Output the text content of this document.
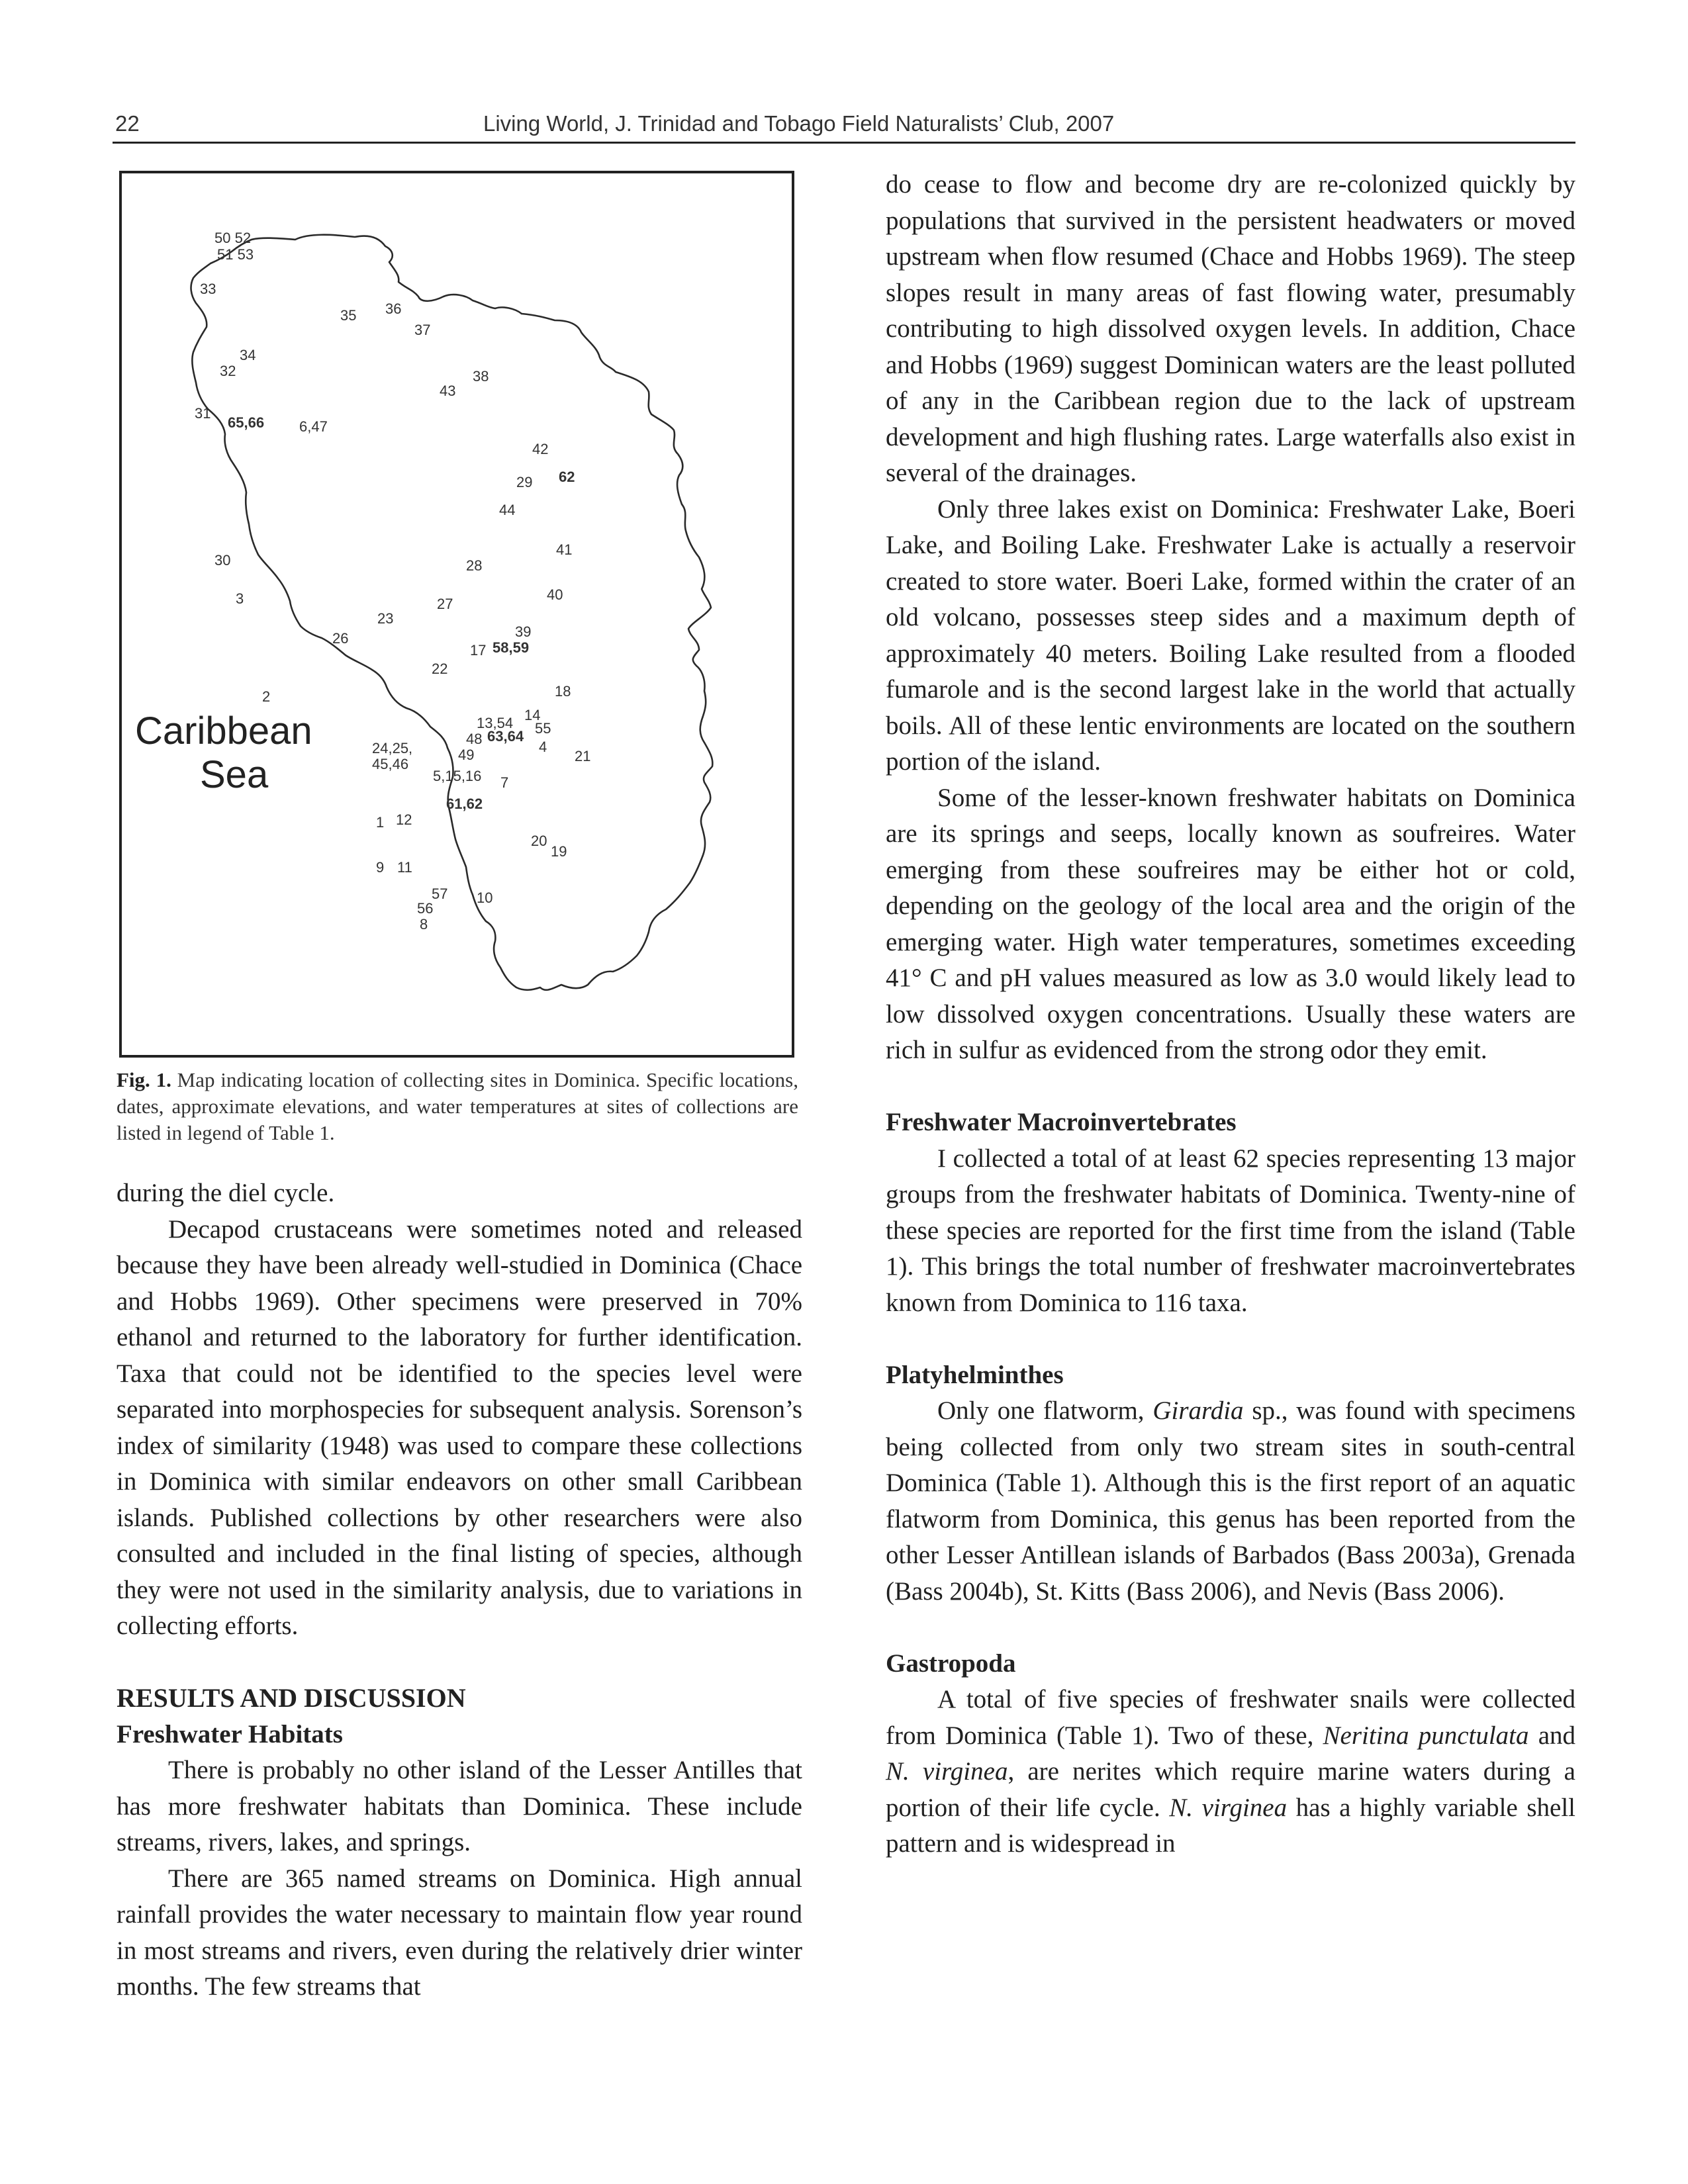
22	Living World, J. Trinidad and Tobago Field Naturalists’ Club, 2007
50 52
51 53
33
35 36
37
34
32	38
43
31
65,66 6,47
42
62
29
44
41
30	28
40
3	27
23
26	39
17 58,59
22
18
2
13,54 14
55
48 63,64
4
24,25,
45,46
49	21
5,15,16 7
61,62
1 12
20
19
9 11
57 10
56
8
Caribbean
Sea
Fig. 1. Map indicating location of collecting sites in Dominica. Specific locations, dates, approximate elevations, and water temperatures at sites of collections are listed in legend of Table 1.

during the diel cycle.

Decapod crustaceans were sometimes noted and released because they have been already well-studied in Dominica (Chace and Hobbs 1969). Other specimens were preserved in 70% ethanol and returned to the laboratory for further identification. Taxa that could not be identified to the species level were separated into morphospecies for subsequent analysis. Sorenson’s index of similarity (1948) was used to compare these collections in Dominica with similar endeavors on other small Caribbean islands. Published collections by other researchers were also consulted and included in the final listing of species, although they were not used in the similarity analysis, due to variations in collecting efforts.

RESULTS AND DISCUSSION
Freshwater Habitats

There is probably no other island of the Lesser Antilles that has more freshwater habitats than Dominica. These include streams, rivers, lakes, and springs.

There are 365 named streams on Dominica. High annual rainfall provides the water necessary to maintain flow year round in most streams and rivers, even during the relatively drier winter months. The few streams that

do cease to flow and become dry are re-colonized quickly by populations that survived in the persistent headwaters or moved upstream when flow resumed (Chace and Hobbs 1969). The steep slopes result in many areas of fast flowing water, presumably contributing to high dissolved oxygen levels. In addition, Chace and Hobbs (1969) suggest Dominican waters are the least polluted of any in the Caribbean region due to the lack of upstream development and high flushing rates. Large waterfalls also exist in several of the drainages.

Only three lakes exist on Dominica: Freshwater Lake, Boeri Lake, and Boiling Lake. Freshwater Lake is actually a reservoir created to store water. Boeri Lake, formed within the crater of an old volcano, possesses steep sides and a maximum depth of approximately 40 meters. Boiling Lake resulted from a flooded fumarole and is the second largest lake in the world that actually boils. All of these lentic environments are located on the southern portion of the island.

Some of the lesser-known freshwater habitats on Dominica are its springs and seeps, locally known as soufreires. Water emerging from these soufreires may be either hot or cold, depending on the geology of the local area and the origin of the emerging water. High water temperatures, sometimes exceeding 41° C and pH values measured as low as 3.0 would likely lead to low dissolved oxygen concentrations. Usually these waters are rich in sulfur as evidenced from the strong odor they emit.

Freshwater Macroinvertebrates

I collected a total of at least 62 species representing 13 major groups from the freshwater habitats of Dominica. Twenty-nine of these species are reported for the first time from the island (Table 1). This brings the total number of freshwater macroinvertebrates known from Dominica to 116 taxa.

Platyhelminthes

Only one flatworm, Girardia sp., was found with specimens being collected from only two stream sites in south-central Dominica (Table 1). Although this is the first report of an aquatic flatworm from Dominica, this genus has been reported from the other Lesser Antillean islands of Barbados (Bass 2003a), Grenada (Bass 2004b), St. Kitts (Bass 2006), and Nevis (Bass 2006).

Gastropoda

A total of five species of freshwater snails were collected from Dominica (Table 1). Two of these, Neritina punctulata and N. virginea, are nerites which require marine waters during a portion of their life cycle. N. virginea has a highly variable shell pattern and is widespread in
